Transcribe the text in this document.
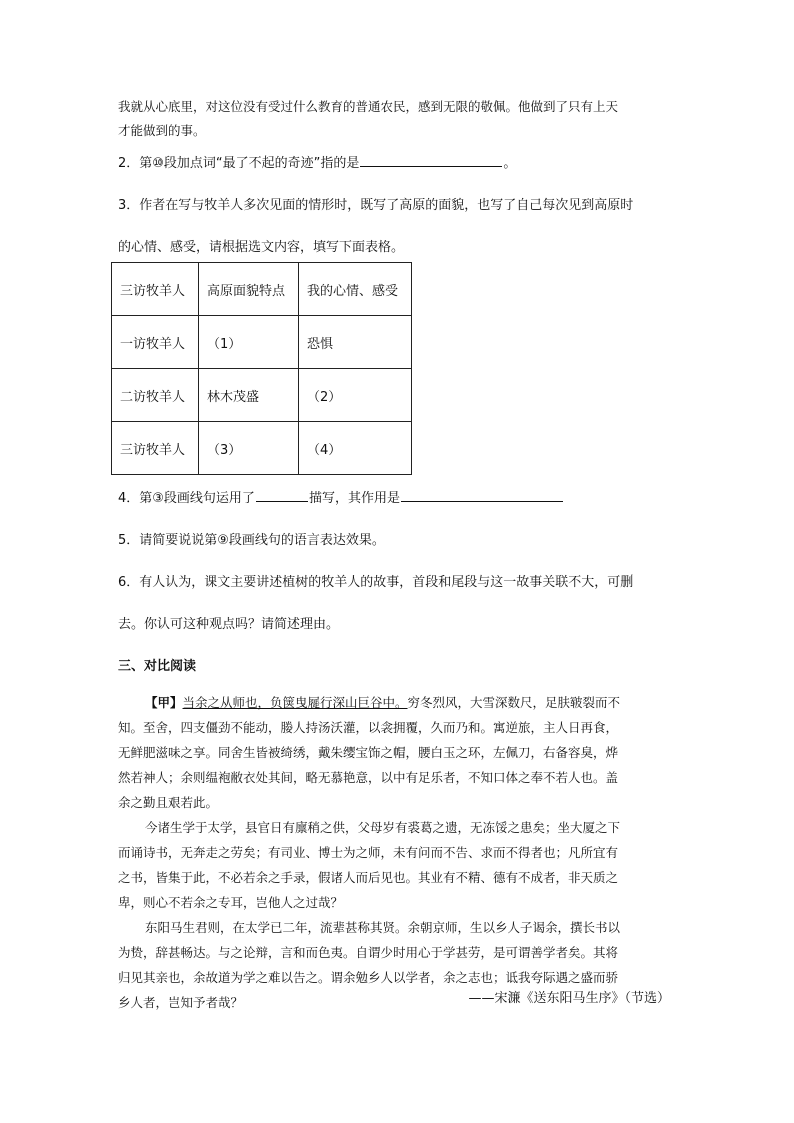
我就从心底里，对这位没有受过什么教育的普通农民，感到无限的敬佩。他做到了只有上天
才能做到的事。
2．第⑩段加点词“最了不起的奇迹”指的是	。
3．作者在写与牧羊人多次见面的情形时，既写了高原的面貌，也写了自己每次见到高原时
的心情、感受，请根据选文内容，填写下面表格。
三访牧羊人	高原面貌特点	我的心情、感受
一访牧羊人	（1）	恐惧
二访牧羊人	林木茂盛	（2）
三访牧羊人	（3）	（4）
4．第③段画线句运用了	描写，其作用是
5．请简要说说第⑨段画线句的语言表达效果。
6．有人认为，课文主要讲述植树的牧羊人的故事，首段和尾段与这一故事关联不大，可删
去。你认可这种观点吗？请简述理由。
三、对比阅读
【甲】当余之从师也，负箧曳屣行深山巨谷中。穷冬烈风，大雪深数尺，足肤皲裂而不
知。至舍，四支僵劲不能动，媵人持汤沃灌，以衾拥覆，久而乃和。寓逆旅，主人日再食，
无鲜肥滋味之享。同舍生皆被绮绣，戴朱缨宝饰之帽，腰白玉之环，左佩刀，右备容臭，烨
然若神人；余则缊袍敝衣处其间，略无慕艳意，以中有足乐者，不知口体之奉不若人也。盖
余之勤且艰若此。
今诸生学于太学，县官日有廪稍之供，父母岁有裘葛之遗，无冻馁之患矣；坐大厦之下
而诵诗书，无奔走之劳矣；有司业、博士为之师，未有问而不告、求而不得者也；凡所宜有
之书，皆集于此，不必若余之手录，假诸人而后见也。其业有不精、德有不成者，非天质之
卑，则心不若余之专耳，岂他人之过哉？
东阳马生君则，在太学已二年，流辈甚称其贤。余朝京师，生以乡人子谒余，撰长书以
为贽，辞甚畅达。与之论辩，言和而色夷。自谓少时用心于学甚劳，是可谓善学者矣。其将
归见其亲也，余故道为学之难以告之。谓余勉乡人以学者，余之志也；诋我夸际遇之盛而骄
乡人者，岂知予者哉？	——宋濂《送东阳马生序》（节选）
